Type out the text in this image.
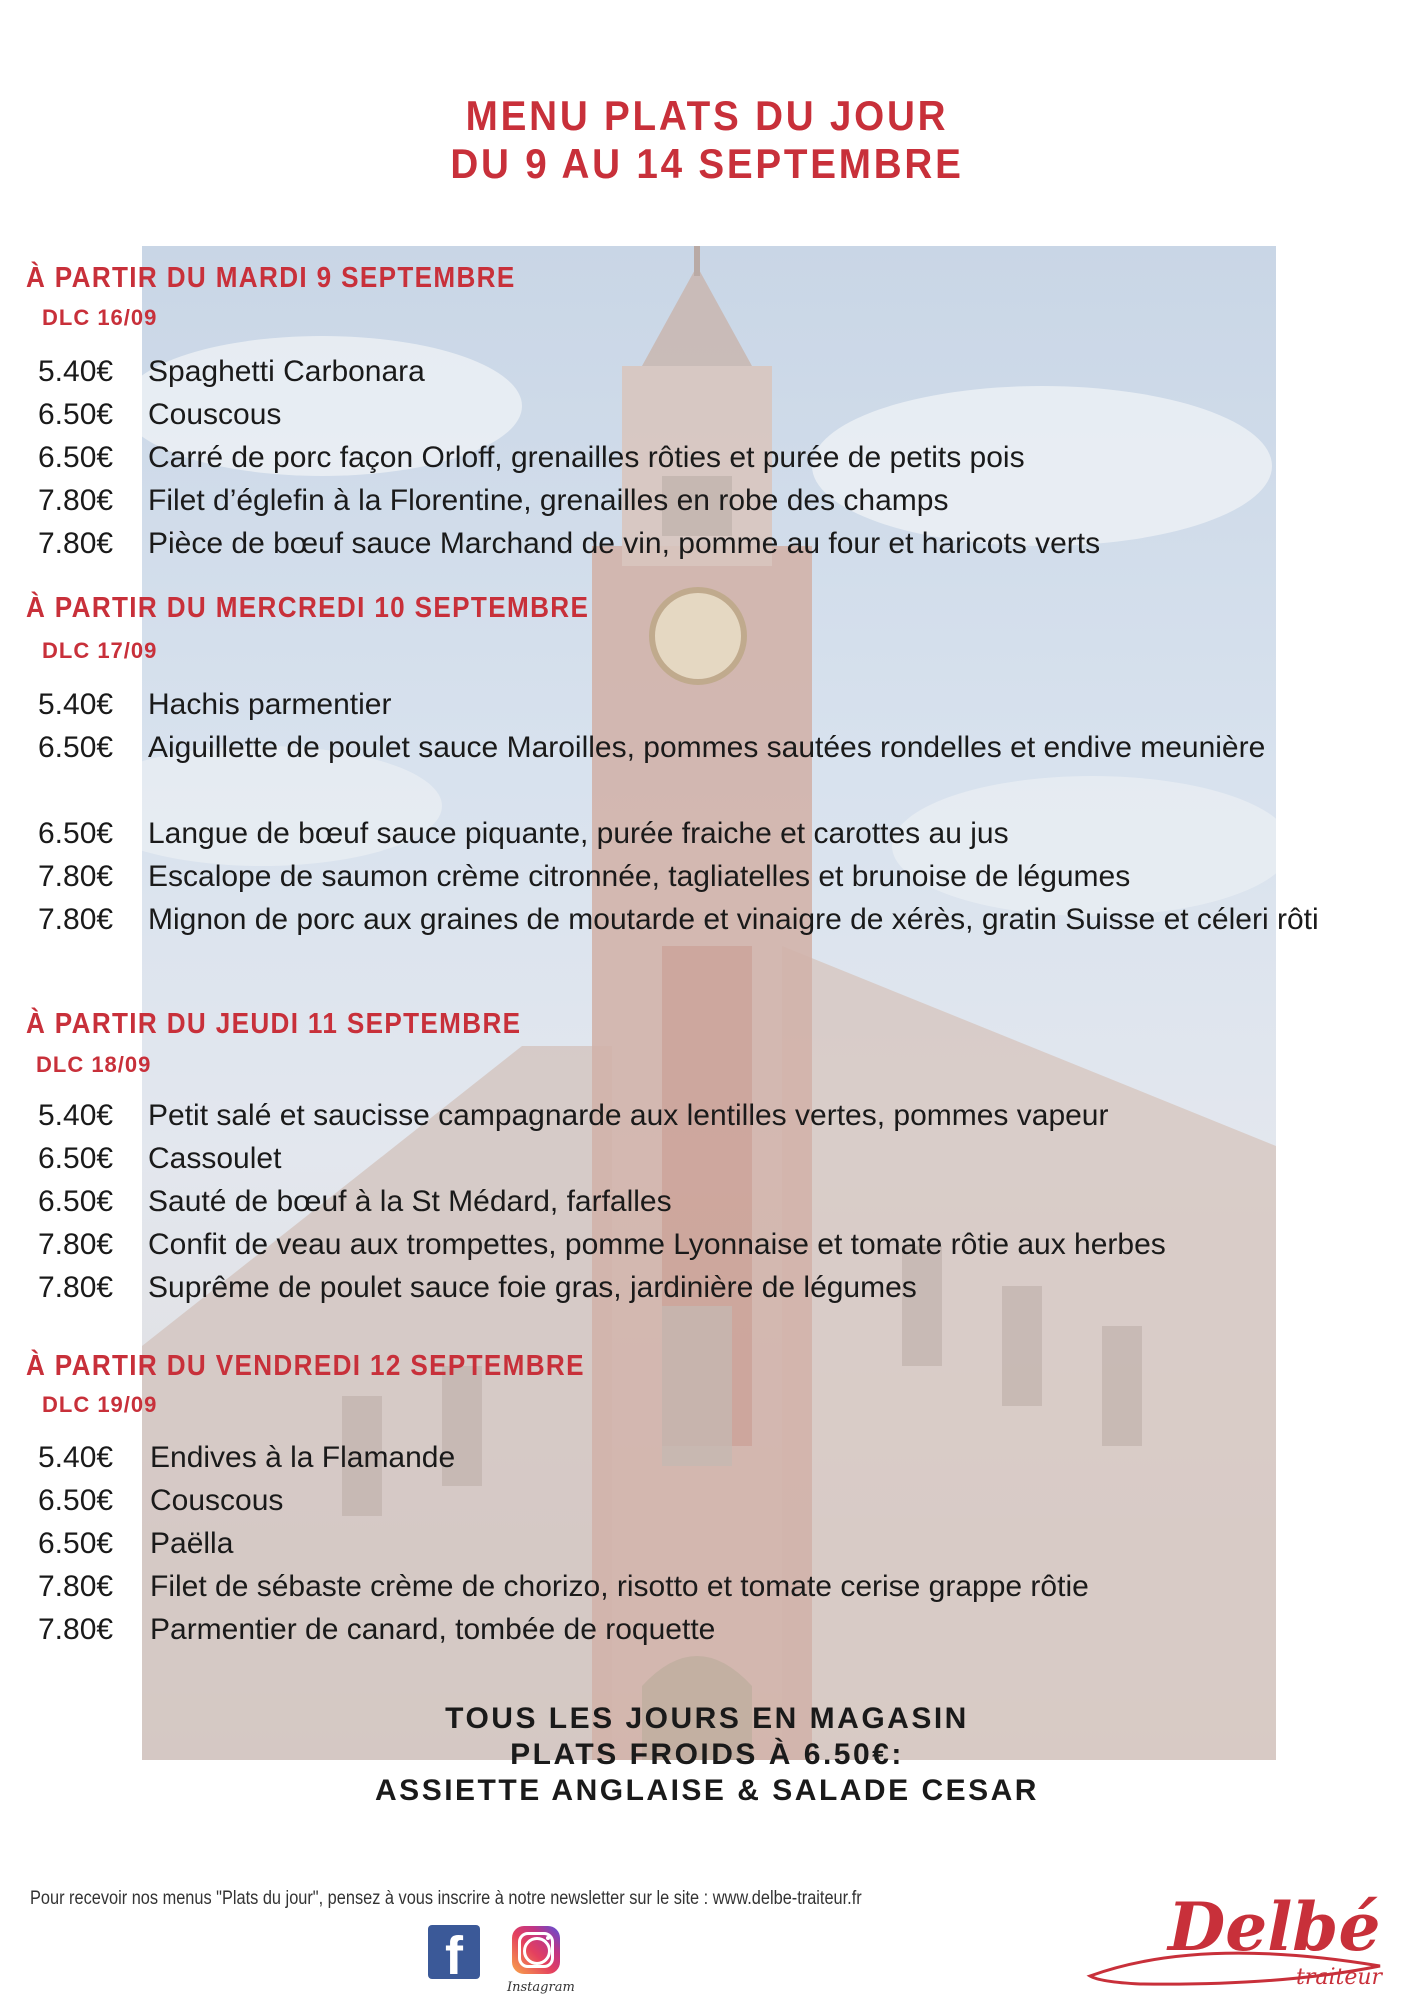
MENU PLATS DU JOUR
DU 9 AU 14 SEPTEMBRE
À PARTIR DU MARDI 9 SEPTEMBRE
DLC 16/09
5.40€ Spaghetti Carbonara
6.50€ Couscous
6.50€ Carré de porc façon Orloff, grenailles rôties et purée de petits pois
7.80€ Filet d’églefin à la Florentine, grenailles en robe des champs
7.80€ Pièce de bœuf sauce Marchand de vin, pomme au four et haricots verts
À PARTIR DU MERCREDI 10 SEPTEMBRE
DLC 17/09
5.40€ Hachis parmentier
6.50€ Aiguillette de poulet sauce Maroilles, pommes sautées rondelles et endive meunière
6.50€ Langue de bœuf sauce piquante, purée fraiche et carottes au jus
7.80€ Escalope de saumon crème citronnée, tagliatelles et brunoise de légumes
7.80€ Mignon de porc aux graines de moutarde et vinaigre de xérès, gratin Suisse et céleri rôti
À PARTIR DU JEUDI 11 SEPTEMBRE
DLC 18/09
5.40€ Petit salé et saucisse campagnarde aux lentilles vertes, pommes vapeur
6.50€ Cassoulet
6.50€ Sauté de bœuf à la St Médard, farfalles
7.80€ Confit de veau aux trompettes, pomme Lyonnaise et tomate rôtie aux herbes
7.80€ Suprême de poulet sauce foie gras, jardinière de légumes
À PARTIR DU VENDREDI 12 SEPTEMBRE
DLC 19/09
5.40€ Endives à la Flamande
6.50€ Couscous
6.50€ Paëlla
7.80€ Filet de sébaste crème de chorizo, risotto et tomate cerise grappe rôtie
7.80€ Parmentier de canard, tombée de roquette
TOUS LES JOURS EN MAGASIN
PLATS FROIDS À 6.50€:
ASSIETTE ANGLAISE & SALADE CESAR
Pour recevoir nos menus "Plats du jour", pensez à vous inscrire à notre newsletter sur le site : www.delbe-traiteur.fr
f
Instagram
Delbé
traiteur
